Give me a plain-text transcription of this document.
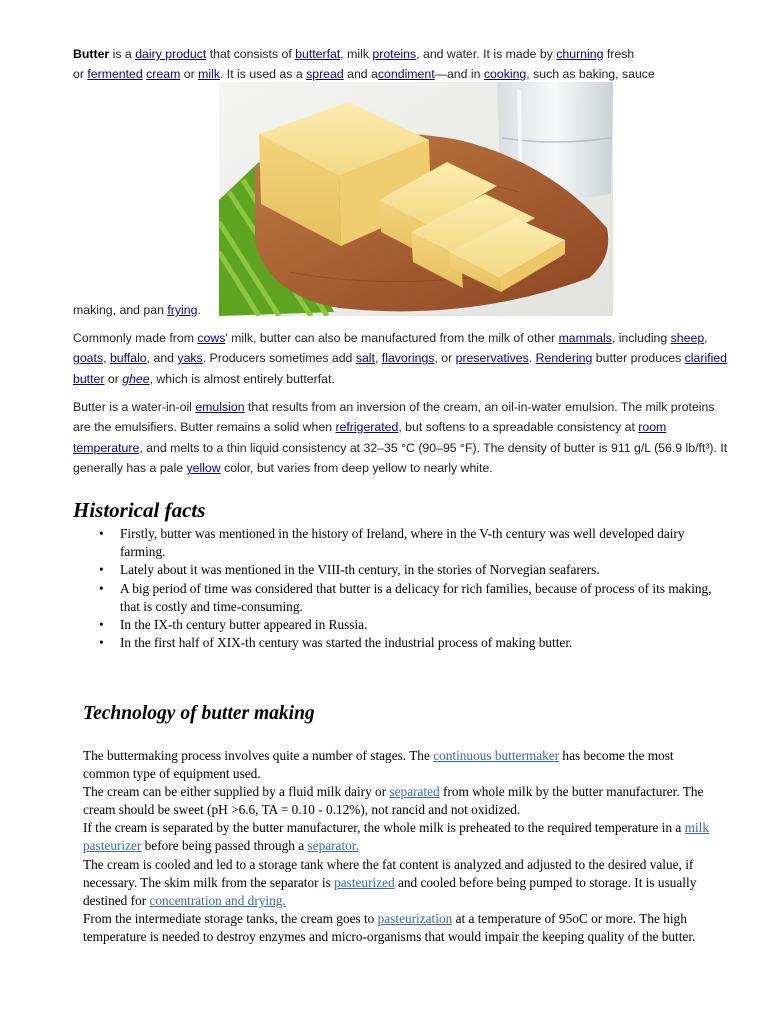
Butter is a dairy product that consists of butterfat, milk proteins, and water. It is made by churning fresh
or fermented cream or milk. It is used as a spread and acondiment—and in cooking, such as baking, sauce
making, and pan frying.
Commonly made from cows' milk, butter can also be manufactured from the milk of other mammals, including sheep, goats, buffalo, and yaks. Producers sometimes add salt, flavorings, or preservatives. Rendering butter produces clarified butter or ghee, which is almost entirely butterfat.
Butter is a water-in-oil emulsion that results from an inversion of the cream, an oil-in-water emulsion. The milk proteins are the emulsifiers. Butter remains a solid when refrigerated, but softens to a spreadable consistency at room temperature, and melts to a thin liquid consistency at 32–35 °C (90–95 °F). The density of butter is 911 g/L (56.9 lb/ft³). It generally has a pale yellow color, but varies from deep yellow to nearly white.
Historical facts
• Firstly, butter was mentioned in the history of Ireland, where in the V-th century was well developed dairy farming.
• Lately about it was mentioned in the VIII-th century, in the stories of Norvegian seafarers.
• A big period of time was considered that butter is a delicacy for rich families, because of process of its making, that is costly and time-consuming.
• In the IX-th century butter appeared in Russia.
• In the first half of XIX-th century was started the industrial process of making butter.
Technology of butter making

The buttermaking process involves quite a number of stages. The continuous buttermaker has become the most common type of equipment used.

The cream can be either supplied by a fluid milk dairy or separated from whole milk by the butter manufacturer. The cream should be sweet (pH >6.6, TA = 0.10 - 0.12%), not rancid and not oxidized.

If the cream is separated by the butter manufacturer, the whole milk is preheated to the required temperature in a milk pasteurizer before being passed through a separator.

The cream is cooled and led to a storage tank where the fat content is analyzed and adjusted to the desired value, if necessary. The skim milk from the separator is pasteurized and cooled before being pumped to storage. It is usually destined for concentration and drying.

From the intermediate storage tanks, the cream goes to pasteurization at a temperature of 95oC or more. The high temperature is needed to destroy enzymes and micro-organisms that would impair the keeping quality of the butter.
